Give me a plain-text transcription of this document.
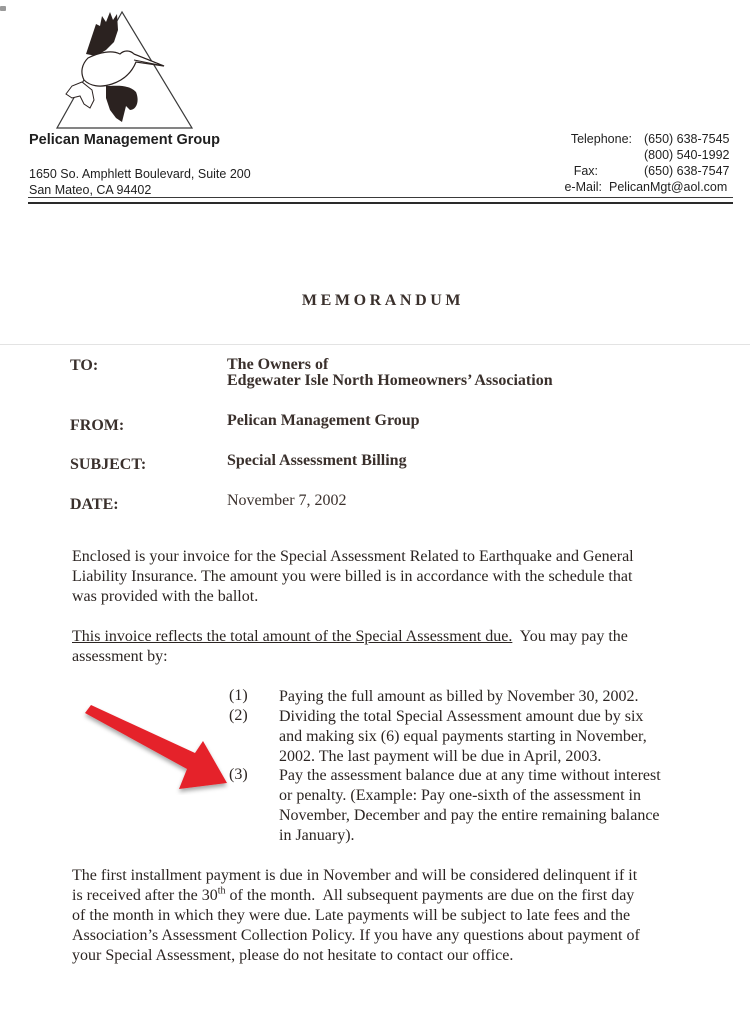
Pelican Management Group
1650 So. Amphlett Boulevard, Suite 200
San Mateo, CA 94402
Telephone: (650) 638-7545
(800) 540-1992
Fax:	(650) 638-7547
e-Mail: PelicanMgt@aol.com
MEMORANDUM
TO:	The Owners of
Edgewater Isle North Homeowners’ Association
FROM:	Pelican Management Group
SUBJECT:	Special Assessment Billing
DATE:	November 7, 2002

Enclosed is your invoice for the Special Assessment Related to Earthquake and General

Liability Insurance. The amount you were billed is in accordance with the schedule that

was provided with the ballot.

This invoice reflects the total amount of the Special Assessment due.  You may pay the

assessment by:

(1) Paying the full amount as billed by November 30, 2002.

(2) Dividing the total Special Assessment amount due by six

and making six (6) equal payments starting in November,

2002. The last payment will be due in April, 2003.

(3) Pay the assessment balance due at any time without interest

or penalty. (Example: Pay one-sixth of the assessment in

November, December and pay the entire remaining balance

in January).

The first installment payment is due in November and will be considered delinquent if it

is received after the 30th of the month.  All subsequent payments are due on the first day

of the month in which they were due. Late payments will be subject to late fees and the

Association’s Assessment Collection Policy. If you have any questions about payment of

your Special Assessment, please do not hesitate to contact our office.
